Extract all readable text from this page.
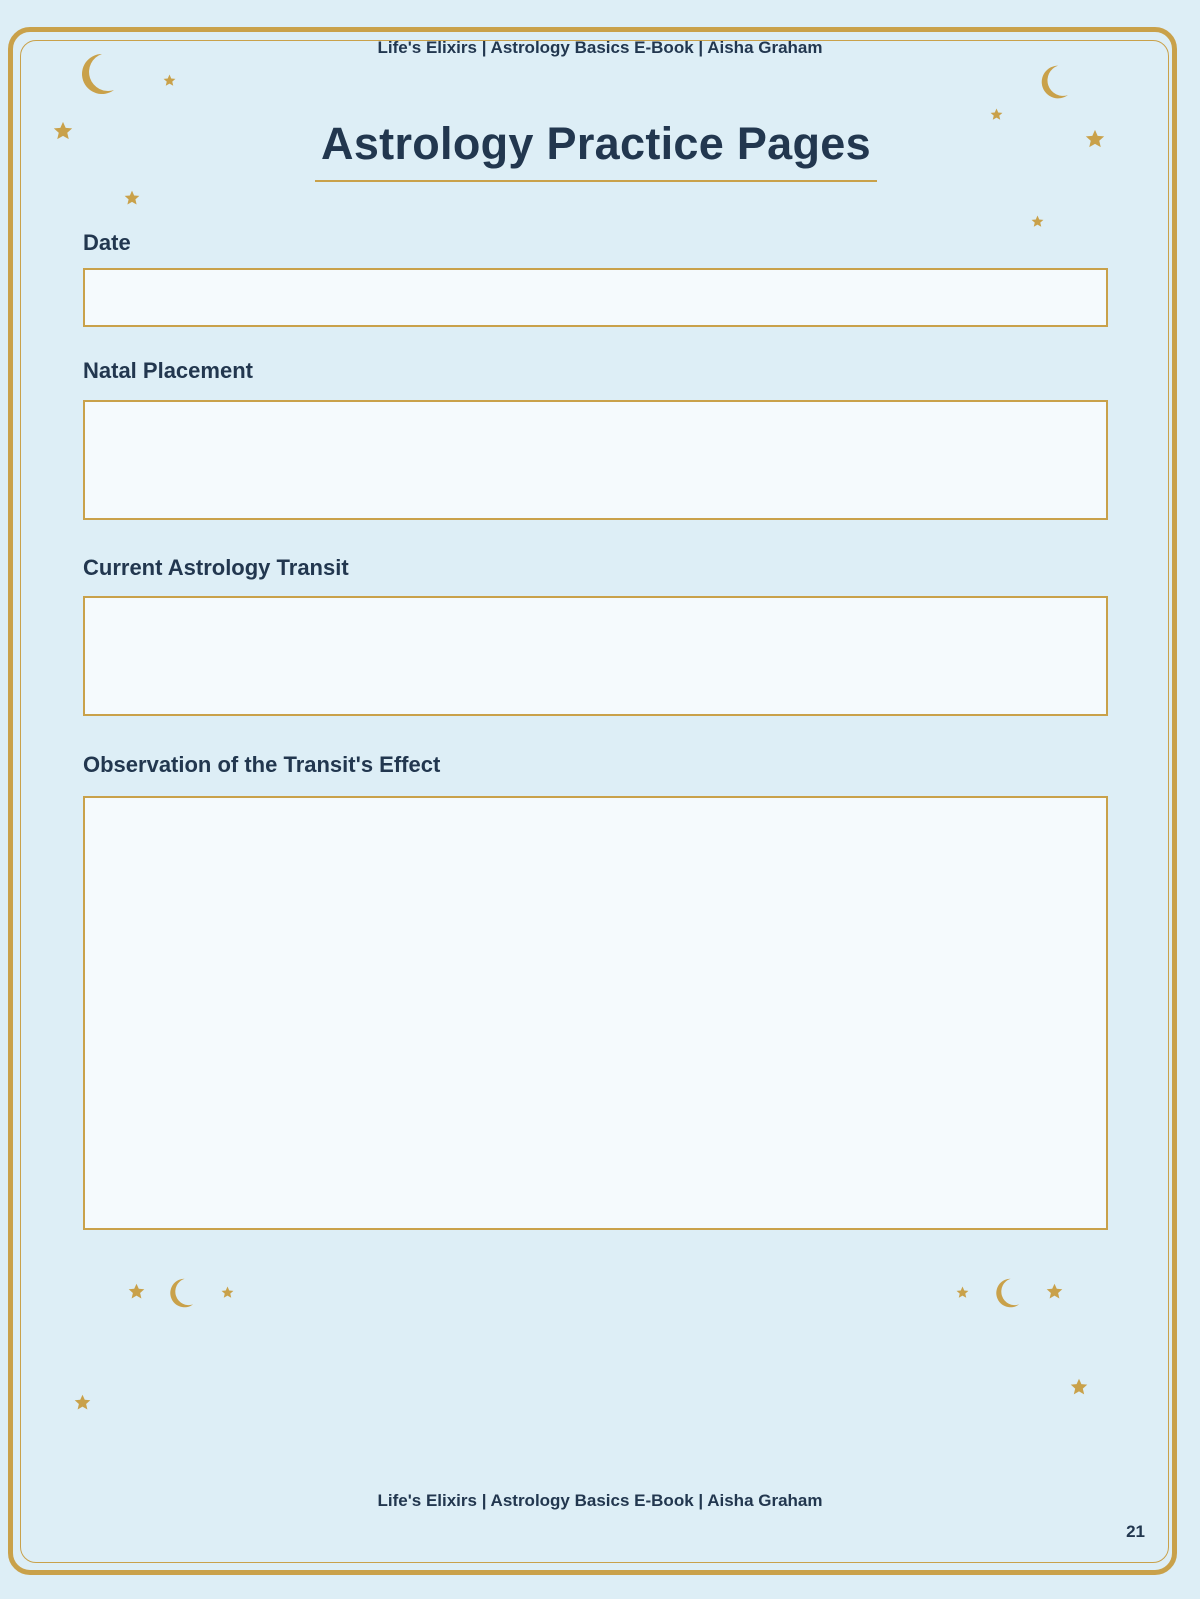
Life's Elixirs | Astrology Basics E-Book | Aisha Graham
Astrology Practice Pages
Date
Natal Placement
Current Astrology Transit
Observation of the Transit's Effect
Life's Elixirs | Astrology Basics E-Book | Aisha Graham
21
